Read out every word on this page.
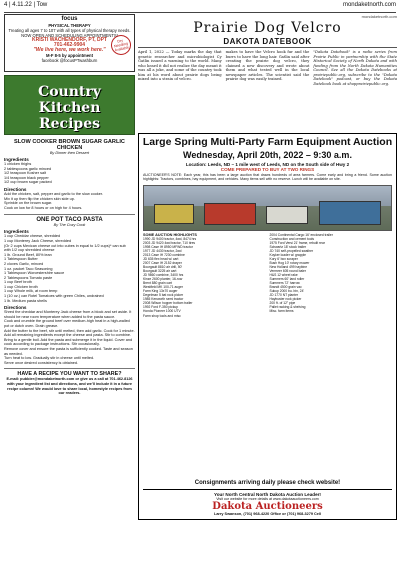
4 | 4.11.22 | Tow	mondaketnorth.com
focus
PHYSICAL THERAPY
Treating all ages 7 to 107 with all types of physical therapy needs.
NOW OPEN AND SCHEDULING APPOINTMENTS!
KRISTI WACHENDORF, PT, DPT
701-462-9904
"We live here, we work here."
M-F 8-5 by appointment
facebook @focusPTwashburn
Dry Needling Available
Country Kitchen
Recipes
SLOW COOKER BROWN SUGAR GARLIC CHICKEN
By Dinner then Dessert
Ingredients
1 chicken thighs
2 tablespoons garlic minced
1/2 teaspoon Kosher salt
1/4 teaspoon black pepper
1/2 cup brown sugar packed
Directions
Add the chicken, salt, pepper and garlic to the slow cooker.
Mix it up then flip the chicken skin side up.
Sprinkle on the brown sugar.
Cook on low for 8 hours or on high for 4 hours.
ONE POT TACO PASTA
By The Cozy Cook
Ingredients
1 cup Cheddar cheese, shredded
1 cup Monterey Jack Cheese, shredded
(Or 2 cups Mexican cheese cut into cubes in equal to 1/2 cups)* can sub
with 1/2 cup shredded cheese
1 lb. Ground Beef, 80% lean
1 Tablespoon Butter
2 cloves Garlic, minced
1 oz. packet Taco Seasoning
1 Tablespoon Worcestershire sauce
2 Tablespoons Tomato paste
1 cup Beef broth
1 cup Chicken broth
1 cup Whole milk, at room temp
1 (10 oz.) can Rotel Tomatoes with green Chiles, undrained
1 lb. Medium pasta shells
Directions
Shred the cheddar and Monterey Jack cheese from a block and set aside. It should be near room temperature when added to the pasta sauce.
Cook and crumble the ground beef over medium-high heat in a high-walled pot or dutch oven. Drain grease.
Add the butter to the beef, stir until melted, then add garlic. Cook for 1 minute.
Add all remaining ingredients except the cheese and pasta. Stir to combine.
Bring to a gentle boil. Add the pasta and submerge it in the liquid. Cover and cook according to package instructions. Stir occasionally.
Remove cover and ensure the pasta is sufficiently cooked. Taste and season as needed.
Turn heat to low. Gradually stir in cheese until melted.
Serve once desired consistency is obtained.
HAVE A RECIPE YOU WANT TO SHARE?
E-mail: pubbier@mondaketnorth.com or give us a call at 701.462.8126 with your ingredient list and directions, and we'll include it in a future recipe column! We would love to share local, homestyle recipes from our readers.
mondaketnorth.com
Prairie Dog Velcro
DAKOTA DATEBOOK
April 1, 2022 — Today marks the day that genetic researcher and microbiologist Cy Gatlin issued a warning to the world. Many who heard it did not realize the day meant it was all a joke, and some of the country took him at his word about prairie dogs being mixed into a strain of velcro.
makes to have the Velcro hook fur and the burrs to have the long hair. Gatlin said after creating the prairie dog velcro, they claimed a new discovery and wrote about them and what tested well in the local newspaper articles. The scientist said the prairie dog was easily trained.
"Dakota Datebook" is a radio series from Prairie Public in partnership with the State Historical Society of North Dakota and with funding from the North Dakota Humanities Council. See all the Dakota Datebooks at prairiepublic.org, subscribe to the "Dakota Datebook" podcast, or buy the Dakota Datebook book at shopprairiepublic.org.
Large Spring Multi-Party Farm Equipment Auction
Wednesday, April 20th, 2022 – 9:30 a.m.
Location: Leeds, ND – 1 mile west of Leeds, ND on the South side of Hwy 2
COME PREPARED TO BUY AT TWO RINGS
AUCTIONEER'S NOTE: Each year, this has been a large auction that draws hundreds of area farmers. Come early and bring a friend. Some auction highlights: Tractors, combines, hay equipment, and vehicles. Many items sell with no reserve. Lunch will be available on site.
SOME AUCTION HIGHLIGHTS
1990 JD 9400 tractor, 4wd, 8474 hrs
2003 JD 9420 4wd tractor, 710 tires
1998 Case IH 8950 MFWD tractor
1977 JD 4430 tractor, 2wd
2013 Case IH 7230 combine
JD 635 flex head w/ cart
2007 Case IH 2152 draper
Bourgault 8810 air drill, 50'
Bourgault 3225 air cart
JD 9860 combine, 3400 hrs
Kinze 2600 planter, 16-row
Brent 880 grain cart
Westfield MK 100-71 auger
Farm King 13x70 auger
Degelman 5 bat rock picker
1985 Kenworth semi tractor
2008 Wilson hopper bottom trailer
1992 Ford F-350 pickup
Honda Pioneer 1000 UTV
Farm shop tools and misc
2004 Continental Cargo 16' enclosed trailer
Construction and cement tools
1975 Ford Versi 21' frame, rebuilt rear
Schwartz 18' stock trailer
JD 740 self-propelled swather
Koyker loader w/ grapple
Kory 6' box scraper
Bush Hog 10' rotary mower
New Holland 499 haybine
Vermeer 605 round baler
H&S 12 wheel rake
Summers 60' land roller
Summers 72' harrow
Brandt 4500 grain vac
Sukup 2000 bu. bin, 24'
JD 1770 NT planter
Haybuster rock picker
200 ft. of 12" pipe
Pallet racking & shelving
Misc. farm items
Consignments arriving daily please check website!
Your North Central North Dakota Auction Leader!
Visit our website for more details at www.dakotaauctioneers.com
Dakota Auctioneers
Larry Swanson, (701) 968-4220 Office or (701) 968-3279 Cell
